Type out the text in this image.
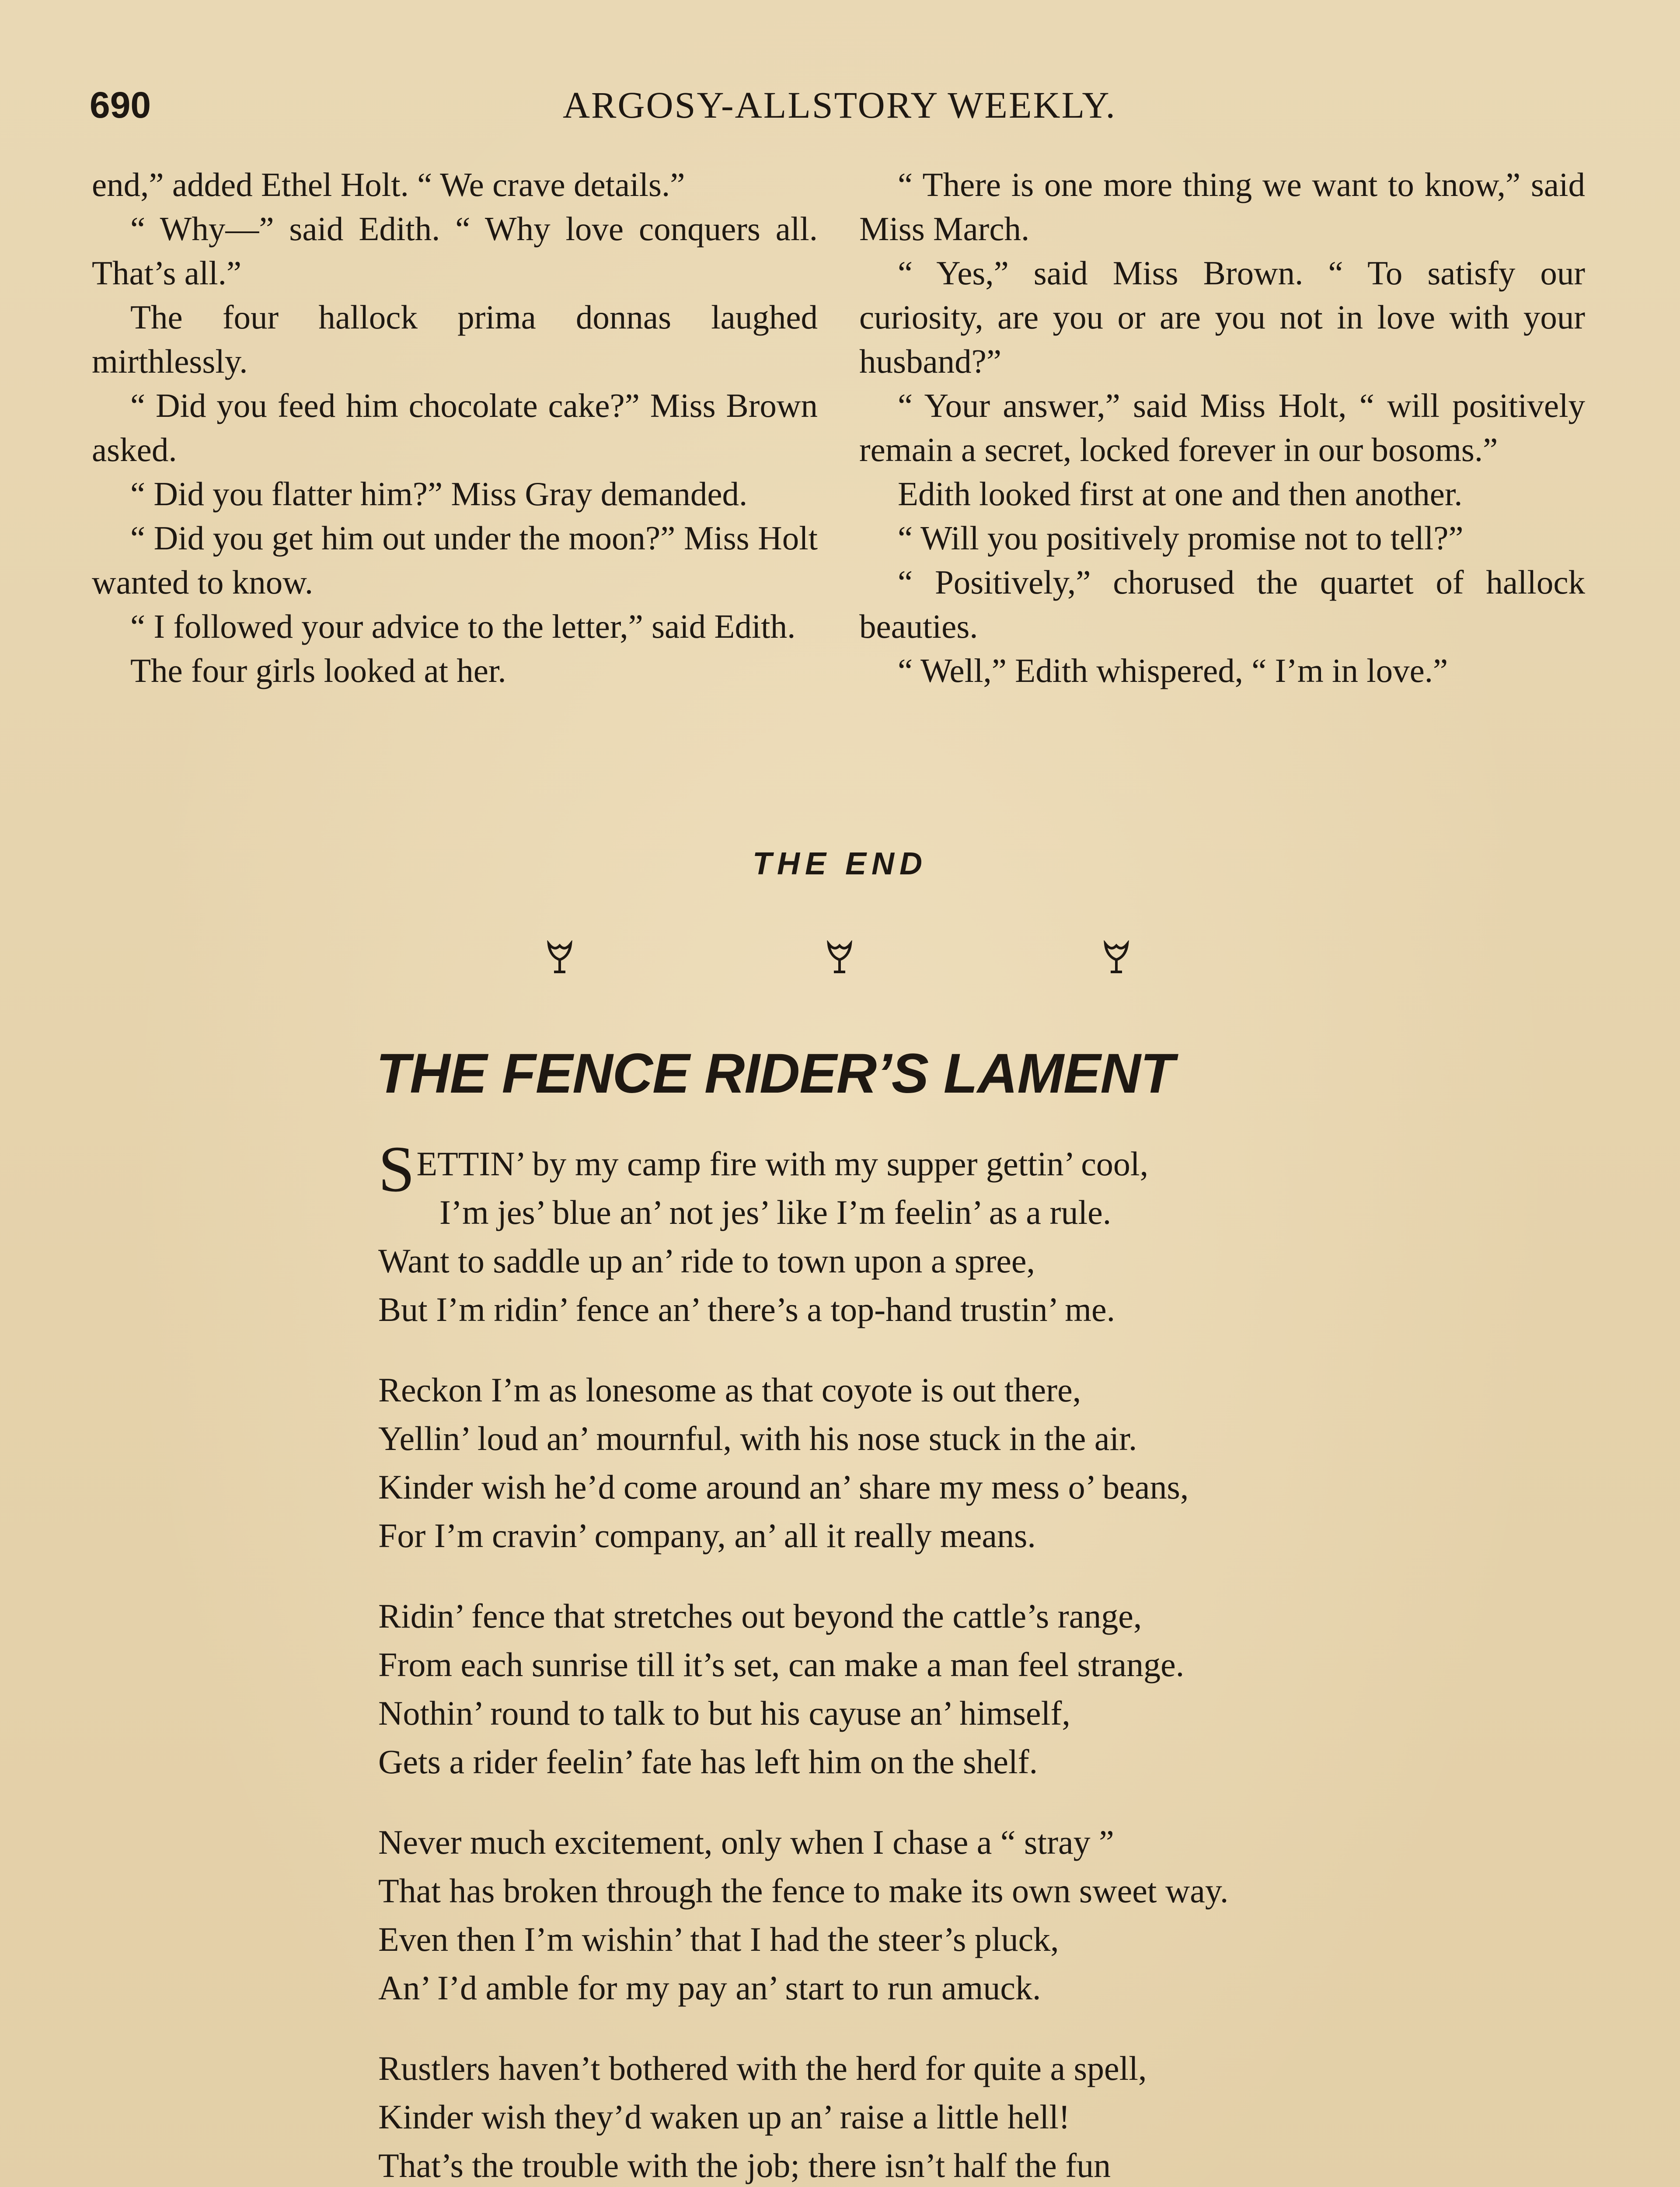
690	ARGOSY-ALLSTORY WEEKLY.

end,” added Ethel Holt. “ We crave details.”

“ Why—” said Edith. “ Why love conquers all. That’s all.”

The four hallock prima donnas laughed mirthlessly.

“ Did you feed him chocolate cake?” Miss Brown asked.

“ Did you flatter him?” Miss Gray demanded.

“ Did you get him out under the moon?” Miss Holt wanted to know.

“ I followed your advice to the letter,” said Edith.

The four girls looked at her.

“ There is one more thing we want to know,” said Miss March.

“ Yes,” said Miss Brown. “ To satisfy our curiosity, are you or are you not in love with your husband?”

“ Your answer,” said Miss Holt, “ will positively remain a secret, locked forever in our bosoms.”

Edith looked first at one and then another.

“ Will you positively promise not to tell?”

“ Positively,” chorused the quartet of hallock beauties.

“ Well,” Edith whispered, “ I’m in love.”

THE END
THE FENCE RIDER’S LAMENT
S ETTIN’ by my camp fire with my supper gettin’ cool,
I’m jes’ blue an’ not jes’ like I’m feelin’ as a rule.
Want to saddle up an’ ride to town upon a spree,
But I’m ridin’ fence an’ there’s a top-hand trustin’ me.
Reckon I’m as lonesome as that coyote is out there,
Yellin’ loud an’ mournful, with his nose stuck in the air.
Kinder wish he’d come around an’ share my mess o’ beans,
For I’m cravin’ company, an’ all it really means.
Ridin’ fence that stretches out beyond the cattle’s range,
From each sunrise till it’s set, can make a man feel strange.
Nothin’ round to talk to but his cayuse an’ himself,
Gets a rider feelin’ fate has left him on the shelf.
Never much excitement, only when I chase a “ stray ”
That has broken through the fence to make its own sweet way.
Even then I’m wishin’ that I had the steer’s pluck,
An’ I’d amble for my pay an’ start to run amuck.
Rustlers haven’t bothered with the herd for quite a spell,
Kinder wish they’d waken up an’ raise a little hell!
That’s the trouble with the job; there isn’t half the fun
